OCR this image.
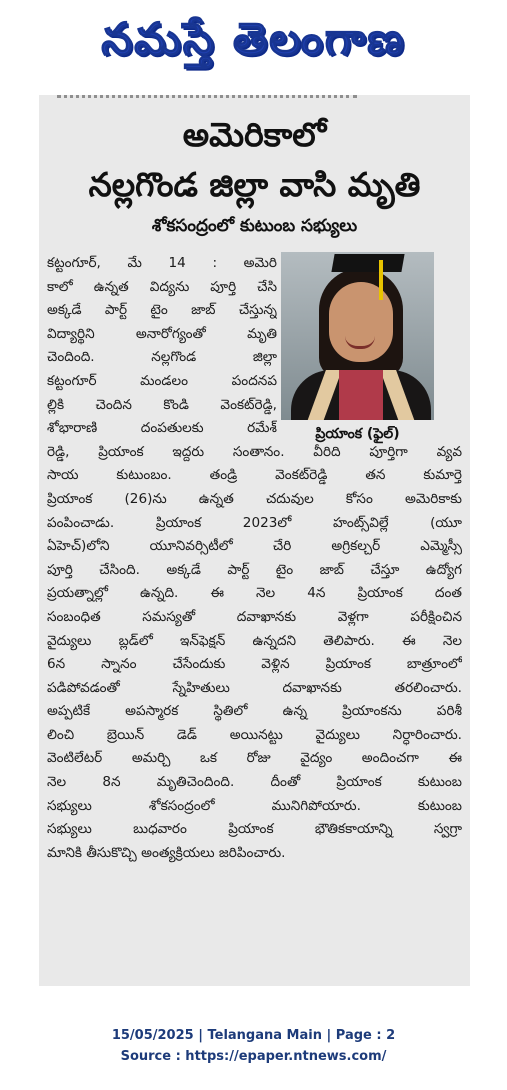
నమస్తే తెలంగాణ
అమెరికాలో
నల్లగొండ జిల్లా వాసి మృతి
శోకసంద్రంలో కుటుంబ సభ్యులు
ప్రియాంక (ఫైల్)
కట్టంగూర్, మే 14 : అమెరి
కాలో ఉన్నత విద్యను పూర్తి చేసి
అక్కడే పార్ట్ టైం జాబ్ చేస్తున్న
విద్యార్థిని అనారోగ్యంతో మృతి
చెందింది. నల్లగొండ జిల్లా
కట్టంగూర్ మండలం పందనప
ల్లికి చెందిన కొండి వెంకట్‌రెడ్డి,
శోభారాణి దంపతులకు రమేశ్
రెడ్డి, ప్రియాంక ఇద్దరు సంతానం. వీరిది పూర్తిగా వ్యవ
సాయ కుటుంబం. తండ్రి వెంకట్‌రెడ్డి తన కుమార్తె
ప్రియాంక (26)ను ఉన్నత చదువుల కోసం అమెరికాకు
పంపించాడు. ప్రియాంక 2023లో హంట్స్‌విల్లే (యూ
ఏహెచ్)లోని యూనివర్సిటీలో చేరి అగ్రికల్చర్ ఎమ్మెస్సీ
పూర్తి చేసింది. అక్కడే పార్ట్ టైం జాబ్ చేస్తూ ఉద్యోగ
ప్రయత్నాల్లో ఉన్నది. ఈ నెల 4న ప్రియాంక దంత
సంబంధిత సమస్యతో దవాఖానకు వెళ్లగా పరీక్షించిన
వైద్యులు బ్లడ్‌లో ఇన్‌ఫెక్షన్ ఉన్నదని తెలిపారు. ఈ నెల
6న స్నానం చేసేందుకు వెళ్లిన ప్రియాంక బాత్రూంలో
పడిపోవడంతో స్నేహితులు దవాఖానకు తరలించారు.
అప్పటికే అపస్మారక స్థితిలో ఉన్న ప్రియాంకను పరిశీ
లించి బ్రెయిన్ డెడ్ అయినట్టు వైద్యులు నిర్ధారించారు.
వెంటిలేటర్ అమర్చి ఒక రోజు వైద్యం అందించగా ఈ
నెల 8న మృతిచెందింది. దీంతో ప్రియాంక కుటుంబ
సభ్యులు శోకసంద్రంలో మునిగిపోయారు. కుటుంబ
సభ్యులు బుధవారం ప్రియాంక భౌతికకాయాన్ని స్వగ్రా
మానికి తీసుకొచ్చి అంత్యక్రియలు జరిపించారు.
15/05/2025 | Telangana Main | Page : 2
Source : https://epaper.ntnews.com/
